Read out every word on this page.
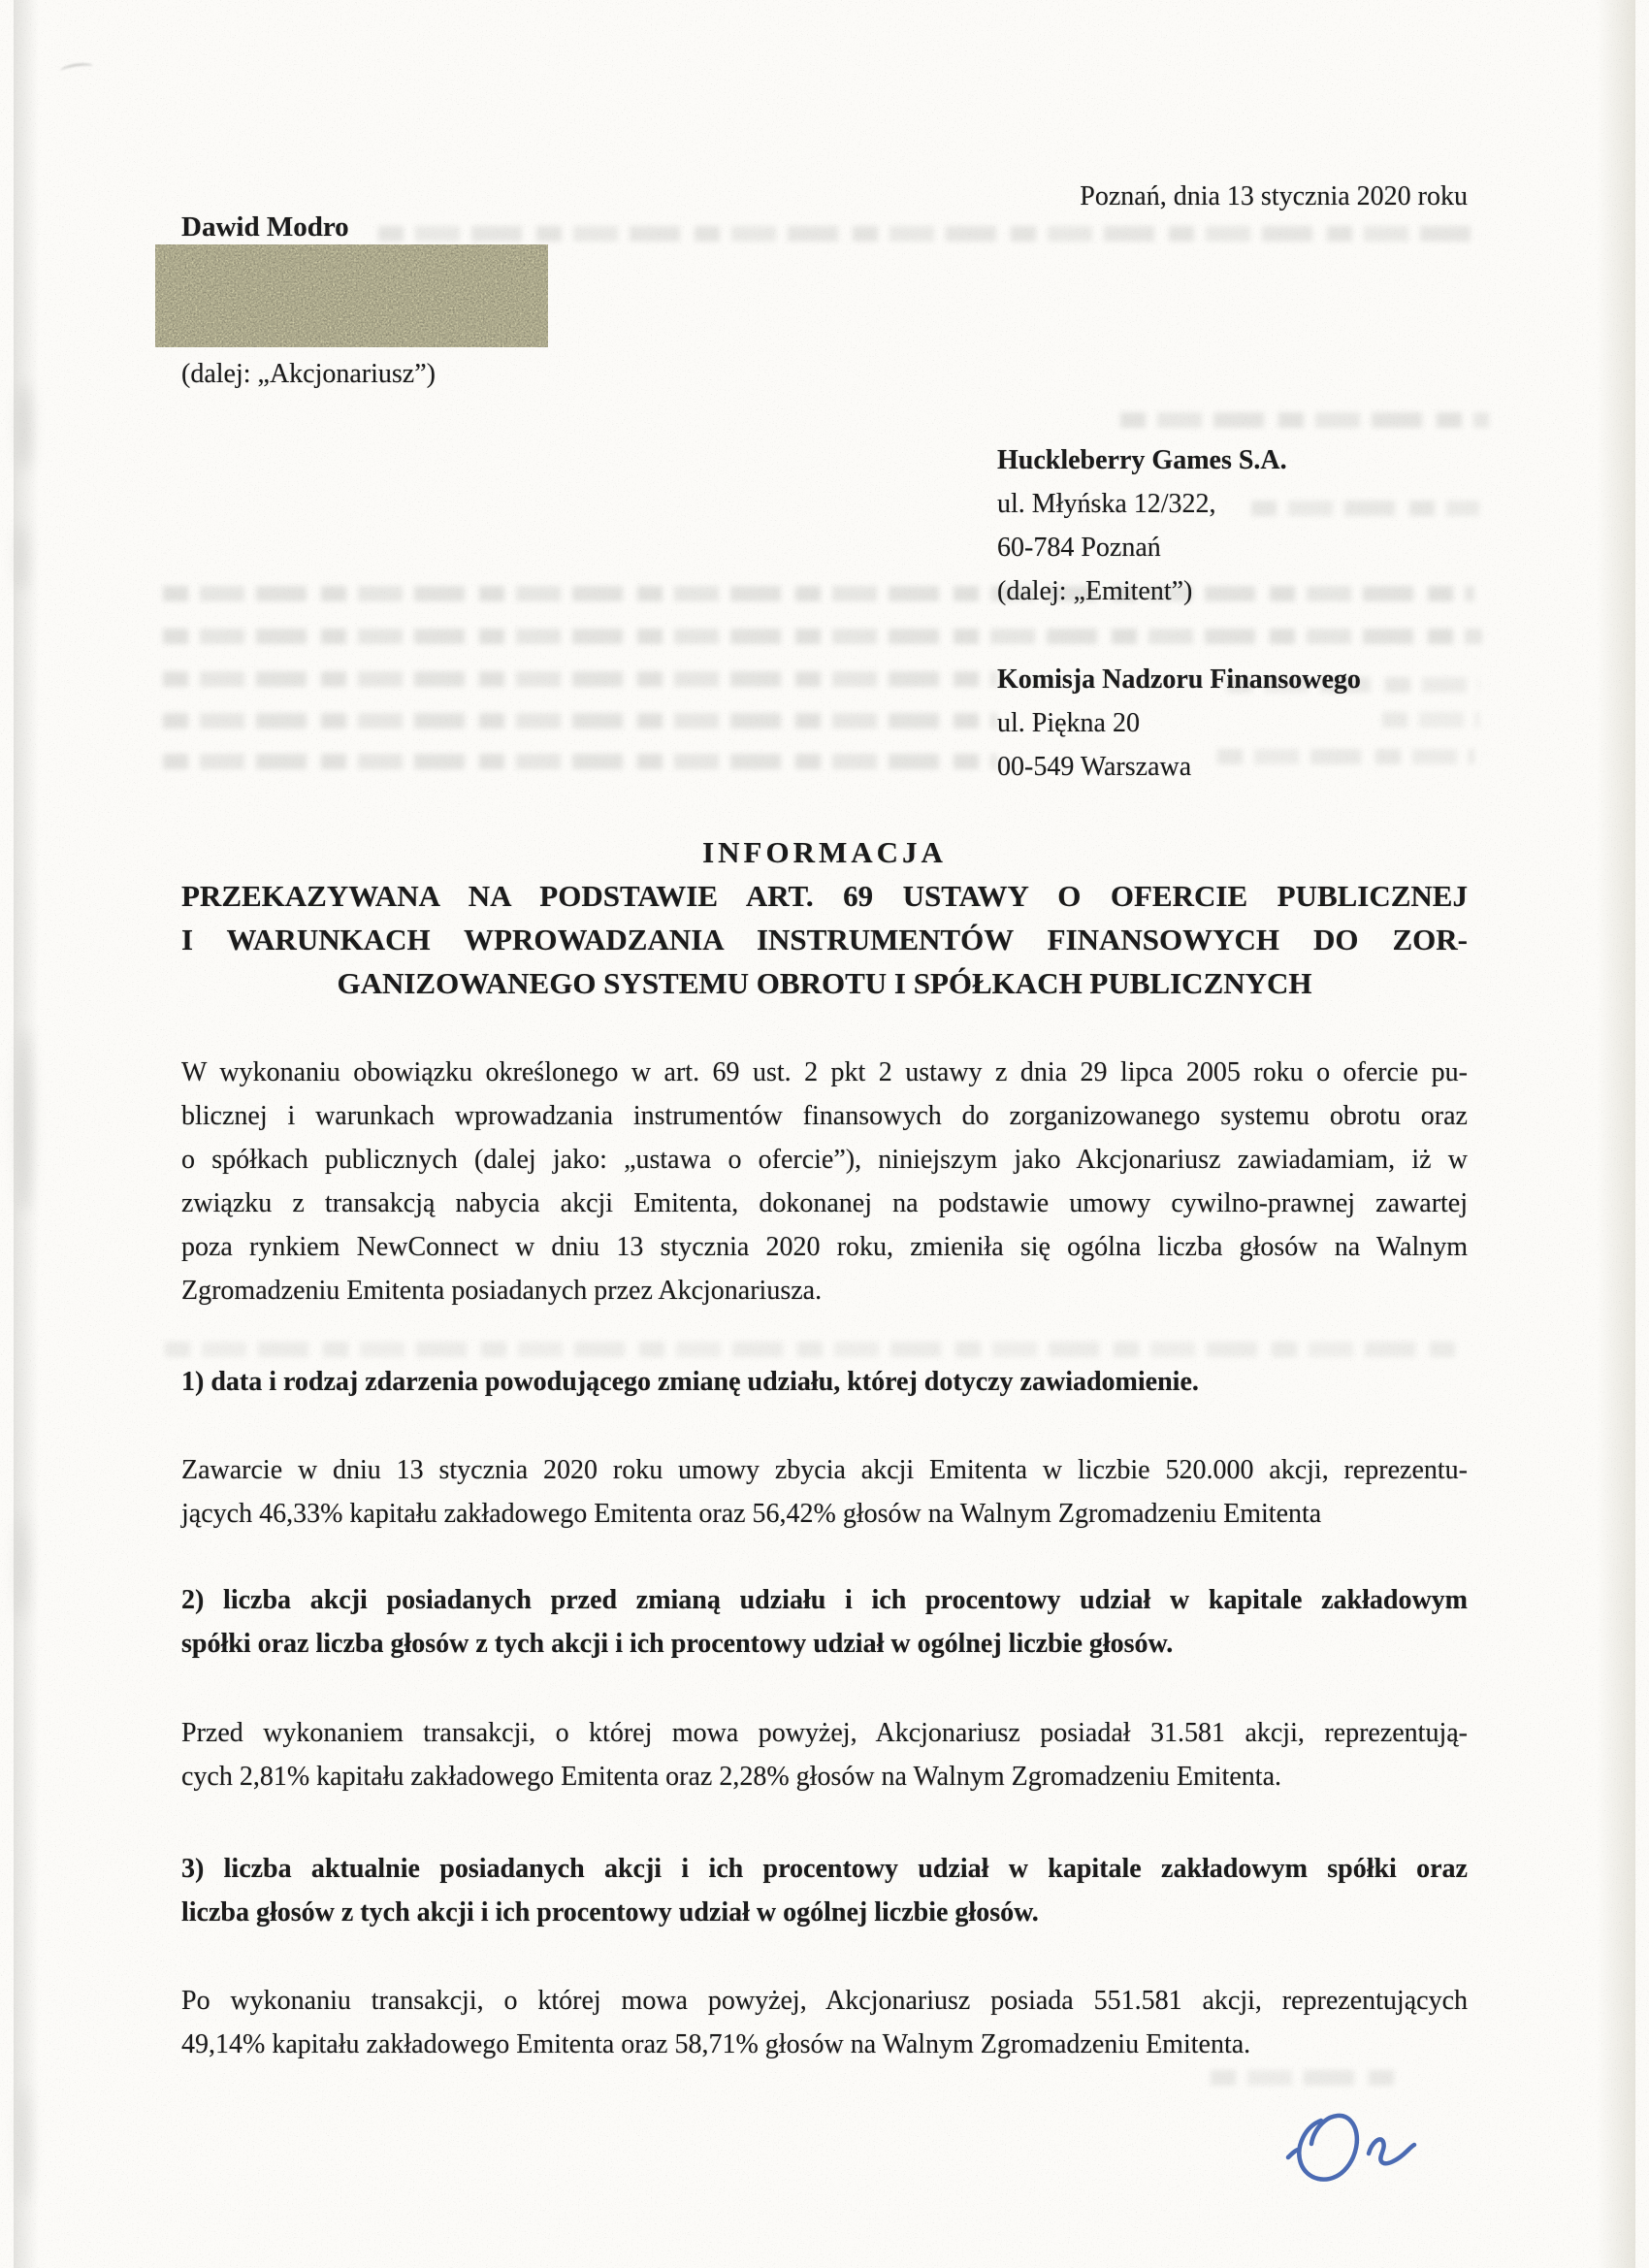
Poznań, dnia 13 stycznia 2020 roku
Dawid Modro
(dalej: „Akcjonariusz”)
Huckleberry Games S.A.
ul. Młyńska 12/322,
60-784 Poznań
(dalej: „Emitent”)
Komisja Nadzoru Finansowego
ul. Piękna 20
00-549 Warszawa
INFORMACJA
PRZEKAZYWANA NA PODSTAWIE ART. 69 USTAWY O OFERCIE PUBLICZNEJ
I WARUNKACH WPROWADZANIA INSTRUMENTÓW FINANSOWYCH DO ZOR-
GANIZOWANEGO SYSTEMU OBROTU I SPÓŁKACH PUBLICZNYCH
W wykonaniu obowiązku określonego w art. 69 ust. 2 pkt 2 ustawy z dnia 29 lipca 2005 roku o ofercie pu-
blicznej i warunkach wprowadzania instrumentów finansowych do zorganizowanego systemu obrotu oraz
o spółkach publicznych (dalej jako: „ustawa o ofercie”), niniejszym jako Akcjonariusz zawiadamiam, iż w
związku z transakcją nabycia akcji Emitenta, dokonanej na podstawie umowy cywilno-prawnej zawartej
poza rynkiem NewConnect w dniu 13 stycznia 2020 roku, zmieniła się ogólna liczba głosów na Walnym
Zgromadzeniu Emitenta posiadanych przez Akcjonariusza.
1) data i rodzaj zdarzenia powodującego zmianę udziału, której dotyczy zawiadomienie.
Zawarcie w dniu 13 stycznia 2020 roku umowy zbycia akcji Emitenta w liczbie 520.000 akcji, reprezentu-
jących 46,33% kapitału zakładowego Emitenta oraz 56,42% głosów na Walnym Zgromadzeniu Emitenta
2) liczba akcji posiadanych przed zmianą udziału i ich procentowy udział w kapitale zakładowym
spółki oraz liczba głosów z tych akcji i ich procentowy udział w ogólnej liczbie głosów.
Przed wykonaniem transakcji, o której mowa powyżej, Akcjonariusz posiadał 31.581 akcji, reprezentują-
cych 2,81% kapitału zakładowego Emitenta oraz 2,28% głosów na Walnym Zgromadzeniu Emitenta.
3) liczba aktualnie posiadanych akcji i ich procentowy udział w kapitale zakładowym spółki oraz
liczba głosów z tych akcji i ich procentowy udział w ogólnej liczbie głosów.
Po wykonaniu transakcji, o której mowa powyżej, Akcjonariusz posiada 551.581 akcji, reprezentujących
49,14% kapitału zakładowego Emitenta oraz 58,71% głosów na Walnym Zgromadzeniu Emitenta.
